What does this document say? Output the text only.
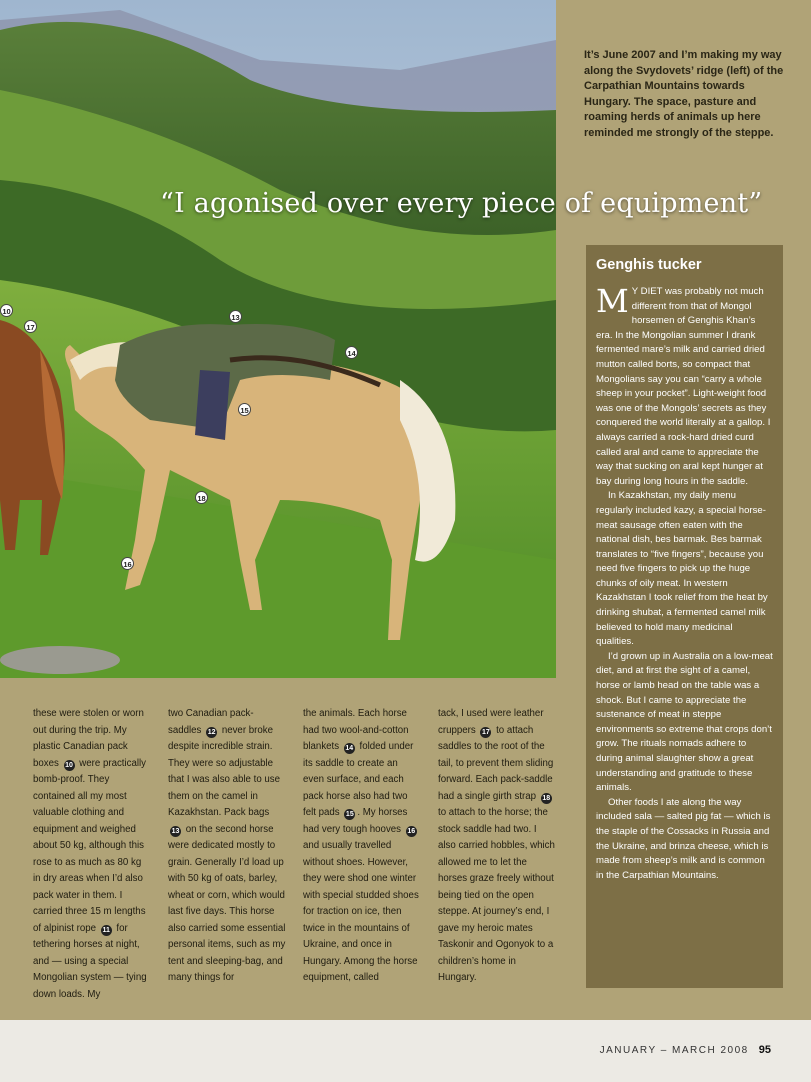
17
13
14
15
18
10
16
“I agonised over every piece of equipment”
It’s June 2007 and I’m making my way along the Svydovets’ ridge (left) of the Carpathian Mountains towards Hungary. The space, pasture and roaming herds of animals up here reminded me strongly of the steppe.
Genghis tucker

M Y DIET was probably not much different from that of Mongol horsemen of Genghis Khan’s era. In the Mongolian summer I drank fermented mare’s milk and carried dried mutton called borts, so compact that Mongolians say you can “carry a whole sheep in your pocket”. Light-weight food was one of the Mongols’ secrets as they conquered the world literally at a gallop. I always carried a rock-hard dried curd called aral and came to appreciate the way that sucking on aral kept hunger at bay during long hours in the saddle.

In Kazakhstan, my daily menu regularly included kazy, a special horse-meat sausage often eaten with the national dish, bes barmak. Bes barmak translates to “five fingers”, because you need five fingers to pick up the huge chunks of oily meat. In western Kazakhstan I took relief from the heat by drinking shubat, a fermented camel milk believed to hold many medicinal qualities.

I’d grown up in Australia on a low-meat diet, and at first the sight of a camel, horse or lamb head on the table was a shock. But I came to appreciate the sustenance of meat in steppe environments so extreme that crops don’t grow. The rituals nomads adhere to during animal slaughter show a great understanding and gratitude to these animals.

Other foods I ate along the way included sala — salted pig fat — which is the staple of the Cossacks in Russia and the Ukraine, and brinza cheese, which is made from sheep’s milk and is common in the Carpathian Mountains.

these were stolen or worn out during the trip. My plastic Canadian pack boxes 10 were practically bomb-proof. They contained all my most valuable clothing and equipment and weighed about 50 kg, although this rose to as much as 80 kg in dry areas when I’d also pack water in them. I carried three 15 m lengths of alpinist rope 11 for tethering horses at night, and — using a special Mongolian system — tying down loads. My
two Canadian pack-saddles 12 never broke despite incredible strain. They were so adjustable that I was also able to use them on the camel in Kazakhstan. Pack bags 13 on the second horse were dedicated mostly to grain. Generally I’d load up with 50 kg of oats, barley, wheat or corn, which would last five days. This horse also carried some essential personal items, such as my tent and sleeping-bag, and many things for
the animals. Each horse had two wool-and-cotton blankets 14 folded under its saddle to create an even surface, and each pack horse also had two felt pads 15 . My horses had very tough hooves 16 and usually travelled without shoes. However, they were shod one winter with special studded shoes for traction on ice, then twice in the mountains of Ukraine, and once in Hungary. Among the horse equipment, called
tack, I used were leather cruppers 17 to attach saddles to the root of the tail, to prevent them sliding forward. Each pack-saddle had a single girth strap 18 to attach to the horse; the stock saddle had two. I also carried hobbles, which allowed me to let the horses graze freely without being tied on the open steppe. At journey’s end, I gave my heroic mates Taskonir and Ogonyok to a children’s home in Hungary.
JANUARY – MARCH 2008 95
